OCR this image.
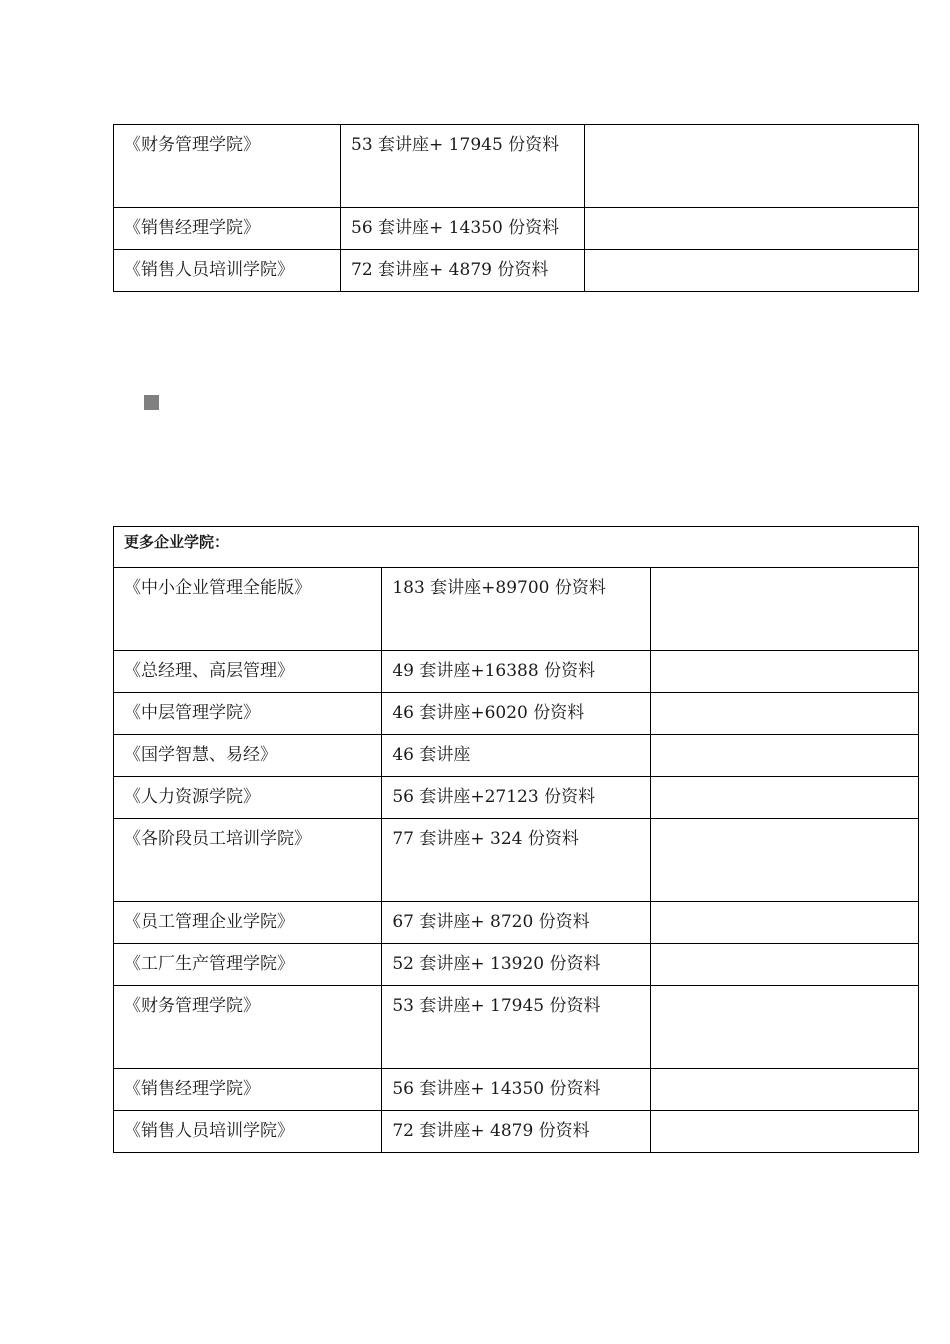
《财务管理学院》	53 套讲座+ 17945 份资料	
《销售经理学院》	56 套讲座+ 14350 份资料	
《销售人员培训学院》	72 套讲座+ 4879 份资料	
更多企业学院：		
《中小企业管理全能版》	183 套讲座+89700 份资料	
《总经理、高层管理》	49 套讲座+16388 份资料	
《中层管理学院》	46 套讲座+6020 份资料	
《国学智慧、易经》	46 套讲座	
《人力资源学院》	56 套讲座+27123 份资料	
《各阶段员工培训学院》	77 套讲座+ 324 份资料	
《员工管理企业学院》	67 套讲座+ 8720 份资料	
《工厂生产管理学院》	52 套讲座+ 13920 份资料	
《财务管理学院》	53 套讲座+ 17945 份资料	
《销售经理学院》	56 套讲座+ 14350 份资料	
《销售人员培训学院》	72 套讲座+ 4879 份资料	
